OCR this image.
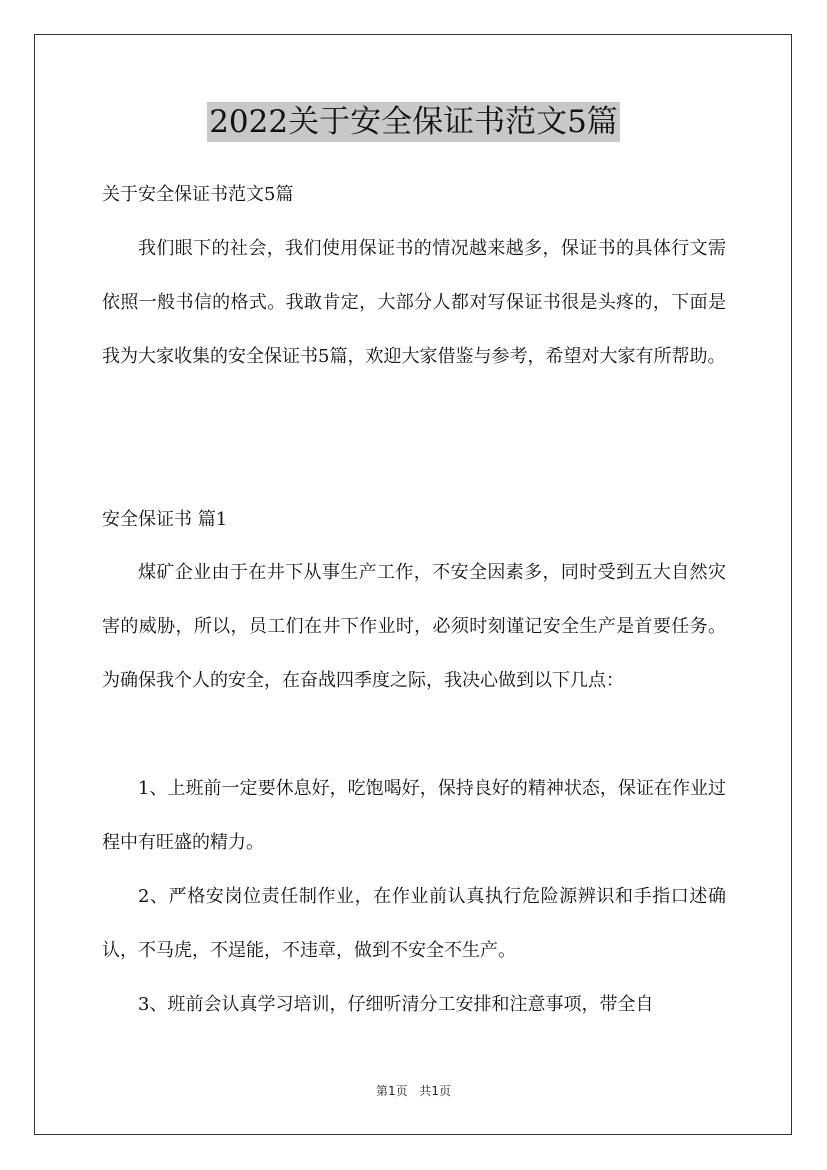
2022关于安全保证书范文5篇

关于安全保证书范文5篇

我们眼下的社会，我们使用保证书的情况越来越多，保证书的具体行文需依照一般书信的格式。我敢肯定，大部分人都对写保证书很是头疼的，下面是我为大家收集的安全保证书5篇，欢迎大家借鉴与参考，希望对大家有所帮助。

安全保证书 篇1

煤矿企业由于在井下从事生产工作，不安全因素多，同时受到五大自然灾害的威胁，所以，员工们在井下作业时，必须时刻谨记安全生产是首要任务。为确保我个人的安全，在奋战四季度之际，我决心做到以下几点：

1、上班前一定要休息好，吃饱喝好，保持良好的精神状态，保证在作业过程中有旺盛的精力。

2、严格安岗位责任制作业，在作业前认真执行危险源辨识和手指口述确认，不马虎，不逞能，不违章，做到不安全不生产。

3、班前会认真学习培训，仔细听清分工安排和注意事项，带全自

第1页 共1页
